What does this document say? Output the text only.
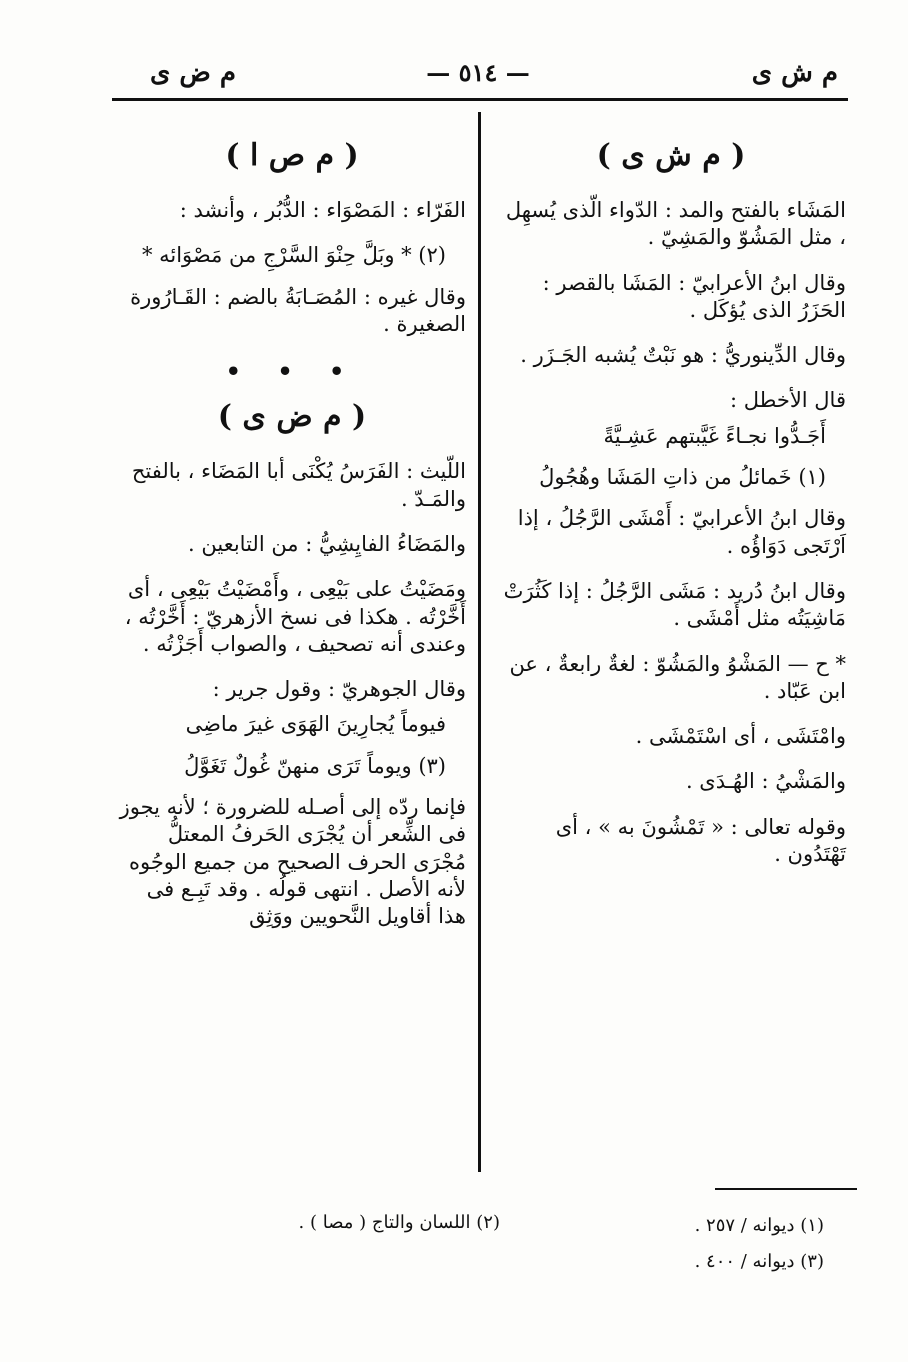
م ش ى
— ٥١٤ —
م ض ى
( م ش ى )

المَشَاء بالفتح والمد : الدّواء الّذى يُسهِل ، مثل المَشُوّ والمَشِيّ .

وقال ابنُ الأعرابيّ : المَشَا بالقصر : الحَزَرُ الذى يُؤكَل .

وقال الدِّينوريُّ : هو نَبْتٌ يُشبه الجَـزَر .

قال الأخطل :

أَجَـدُّوا نجـاءً غَيَّبتهم عَشِـيَّةً

(١) خَمائلُ من ذاتِ المَشَا وهُجُولُ

وقال ابنُ الأعرابيّ : أَمْشَى الرَّجُلُ ، إذا اَرْتَجى دَوَاؤُه .

وقال ابنُ دُريد : مَشَى الرَّجُلُ : إذا كَثُرَتْ مَاشِيَتُه مثل أَمْشَى .

* ح — المَشْوُ والمَشُوّ : لغةٌ رابعةٌ ، عن ابن عَبّاد .

وامْتَشَى ، أى اسْتَمْشَى .

والمَشْيُ : الهُـدَى .

وقوله تعالى : « تَمْشُونَ به » ، أى تَهْتَدُون .

( م ص ا )

الفَرّاء : المَصْوَاء : الدُّبُر ، وأنشد :

(٢) * وبَلَّ حِنْوَ السَّرْجِ من مَصْوَائه *

وقال غيره : المُصَـابَةُ بالضم : القَـارُورة الصغيرة .

• • •
( م ض ى )

اللّيث : الفَرَسُ يُكْنَى أبا المَضَاء ، بالفتح والمَـدّ .

والمَضَاءُ الفايِشِيُّ : من التابعين .

ومَضَيْتُ على بَيْعِى ، وأَمْضَيْتُ بَيْعِى ، أى أَخَّرْتُه . هكذا فى نسخ الأزهريّ : أَخَّرْتُه ، وعندى أنه تصحيف ، والصواب أَجَزْتُه .

وقال الجوهريّ : وقول جرير :

فيوماً يُجارِينَ الهَوَى غيرَ ماضِى

(٣) ويوماً تَرَى منهنّ غُولٌ تَغَوَّلُ

فإنما ردّه إلى أصـله للضرورة ؛ لأنه يجوز فى الشِّعر أن يُجْرَى الحَرفُ المعتلُّ مُجْرَى الحرف الصحيح من جميع الوجُوه لأنه الأصل . انتهى قولُه . وقد تَبِـع فى هذا أقاويل النَّحويين ووَثِق

(١) ديوانه / ٢٥٧ .
(٣) ديوانه / ٤٠٠ .
(٢) اللسان والتاج ( مصا ) .
